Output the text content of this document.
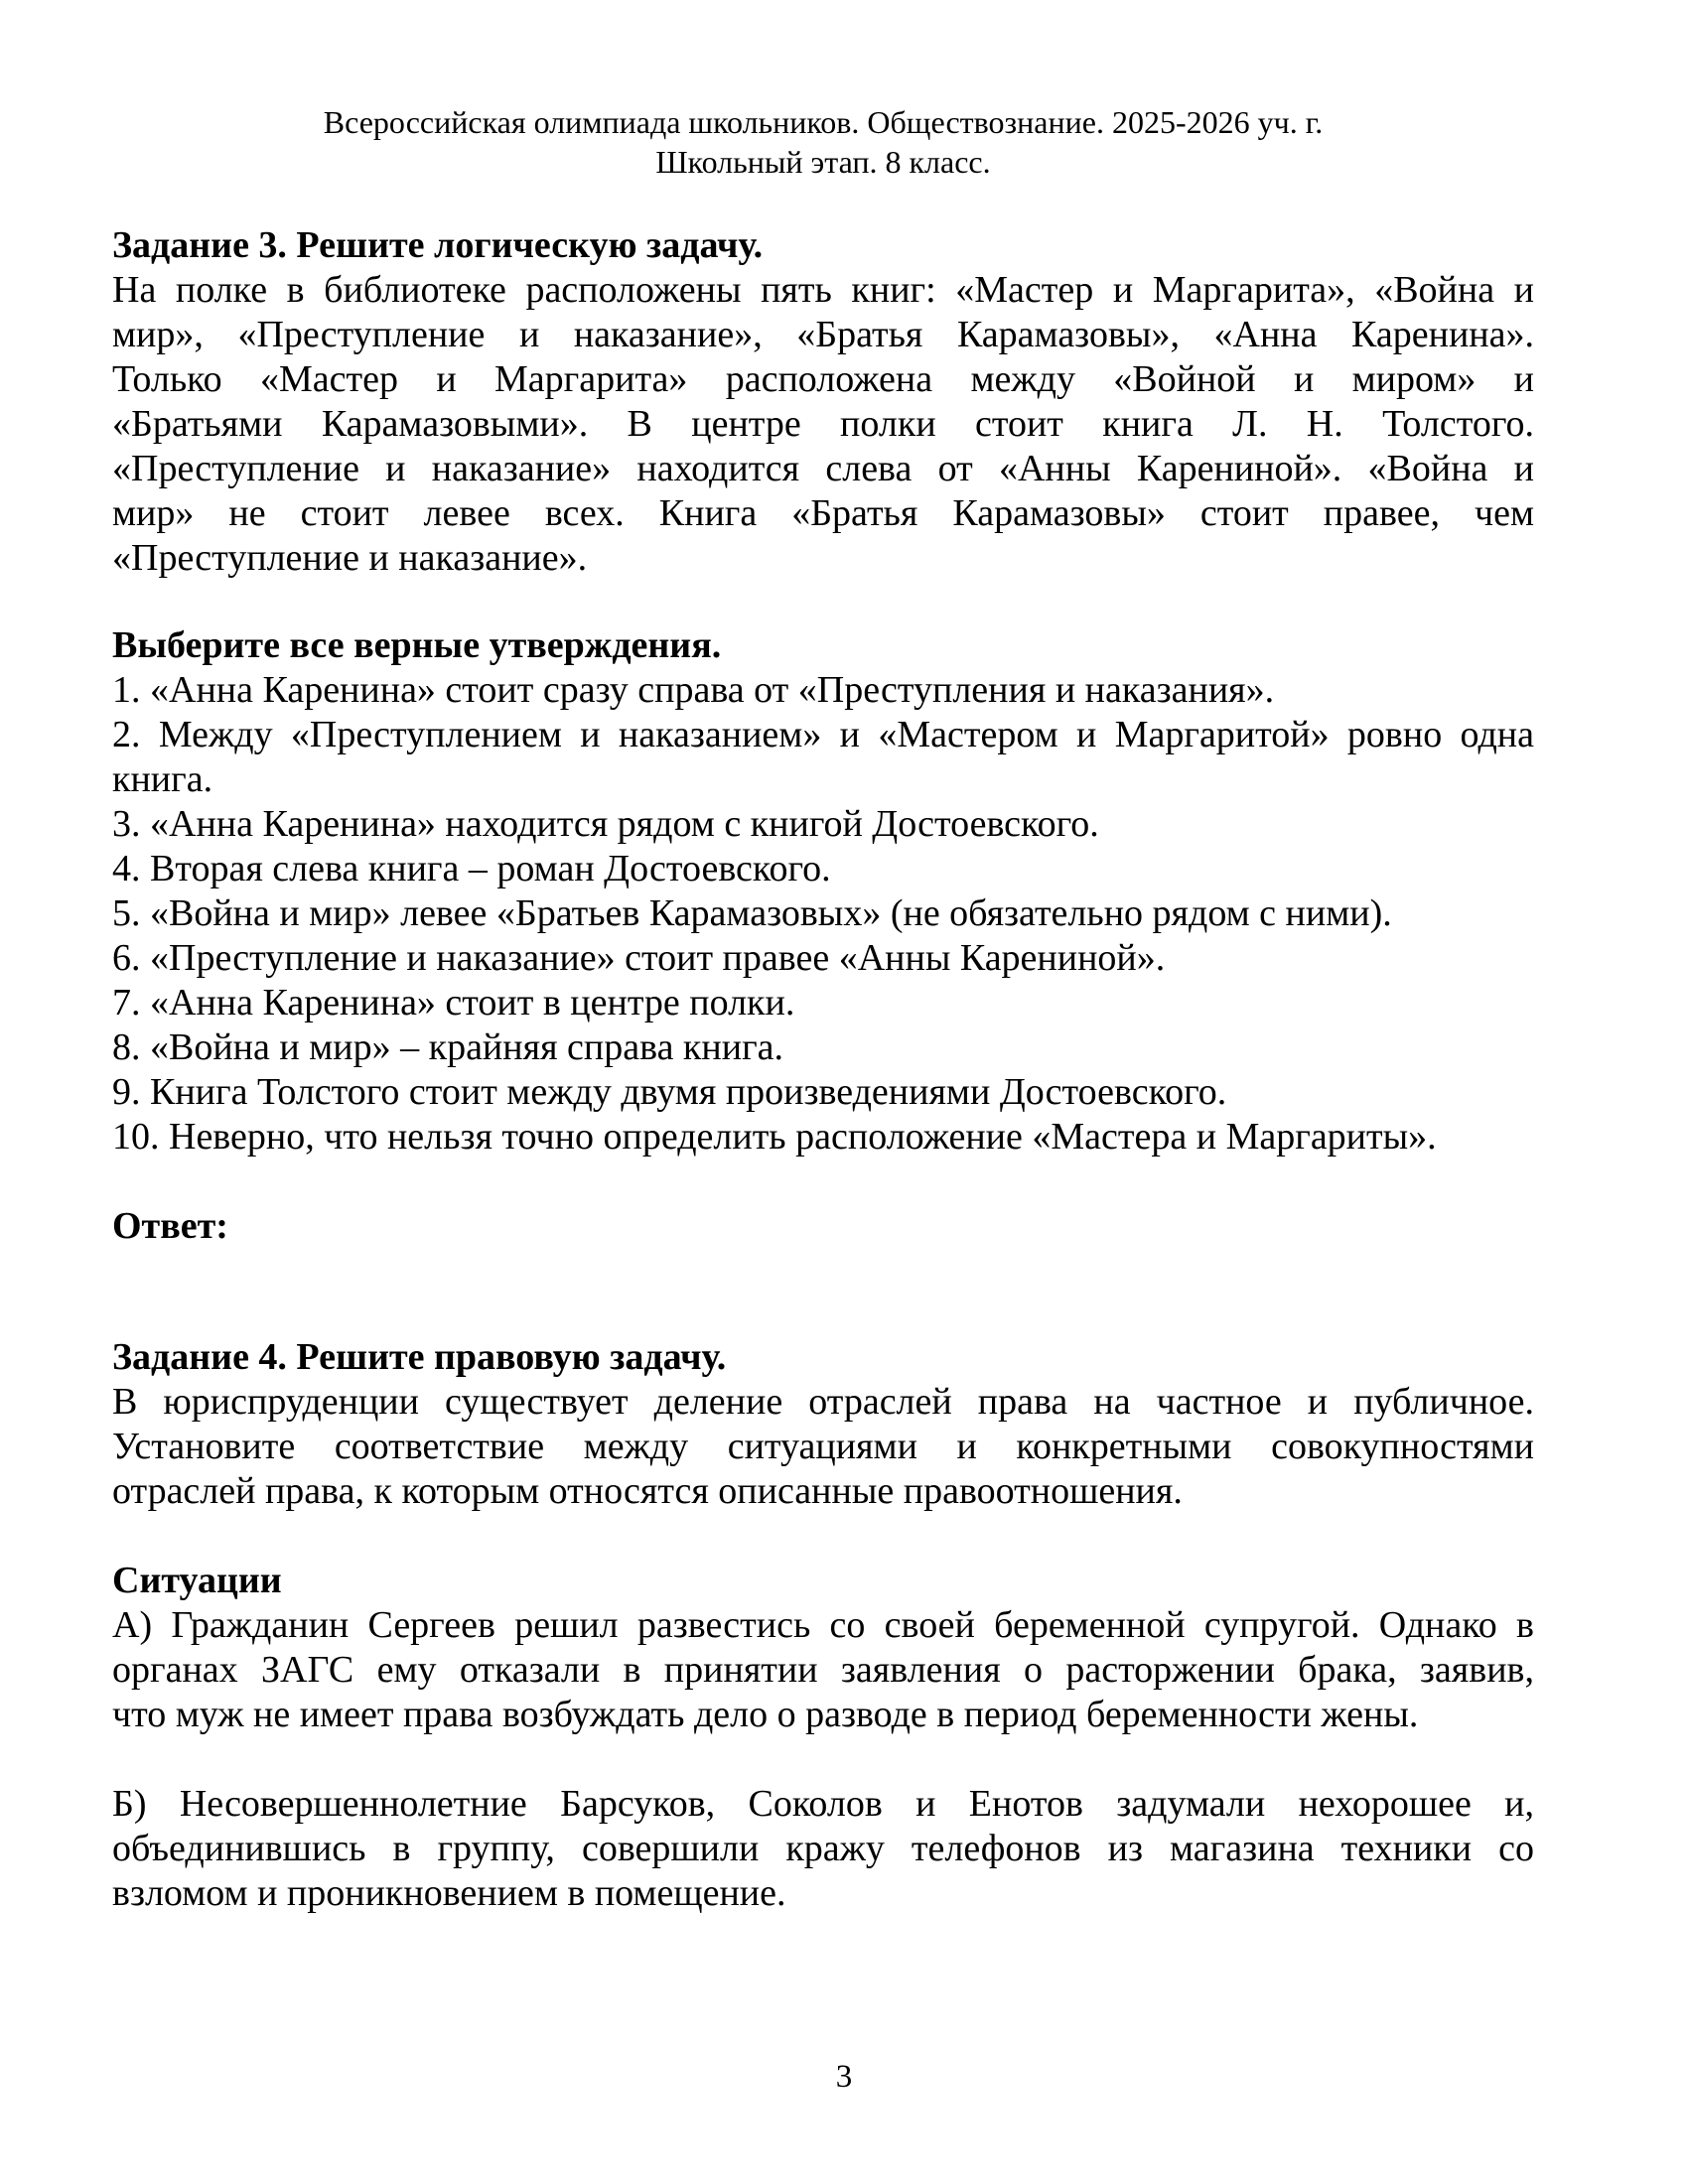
Всероссийская олимпиада школьников. Обществознание. 2025-2026 уч. г.
Школьный этап. 8 класс.
Задание 3. Решите логическую задачу.
На полке в библиотеке расположены пять книг: «Мастер и Маргарита», «Война и
мир», «Преступление и наказание», «Братья Карамазовы», «Анна Каренина».
Только «Мастер и Маргарита» расположена между «Войной и миром» и
«Братьями Карамазовыми». В центре полки стоит книга Л. Н. Толстого.
«Преступление и наказание» находится слева от «Анны Карениной». «Война и
мир» не стоит левее всех. Книга «Братья Карамазовы» стоит правее, чем
«Преступление и наказание».
Выберите все верные утверждения.
1. «Анна Каренина» стоит сразу справа от «Преступления и наказания».
2. Между «Преступлением и наказанием» и «Мастером и Маргаритой» ровно одна
книга.
3. «Анна Каренина» находится рядом с книгой Достоевского.
4. Вторая слева книга – роман Достоевского.
5. «Война и мир» левее «Братьев Карамазовых» (не обязательно рядом с ними).
6. «Преступление и наказание» стоит правее «Анны Карениной».
7. «Анна Каренина» стоит в центре полки.
8. «Война и мир» – крайняя справа книга.
9. Книга Толстого стоит между двумя произведениями Достоевского.
10. Неверно, что нельзя точно определить расположение «Мастера и Маргариты».
Ответ:
Задание 4. Решите правовую задачу.
В юриспруденции существует деление отраслей права на частное и публичное.
Установите соответствие между ситуациями и конкретными совокупностями
отраслей права, к которым относятся описанные правоотношения.
Ситуации
А) Гражданин Сергеев решил развестись со своей беременной супругой. Однако в
органах ЗАГС ему отказали в принятии заявления о расторжении брака, заявив,
что муж не имеет права возбуждать дело о разводе в период беременности жены.
Б) Несовершеннолетние Барсуков, Соколов и Енотов задумали нехорошее и,
объединившись в группу, совершили кражу телефонов из магазина техники со
взломом и проникновением в помещение.
3
